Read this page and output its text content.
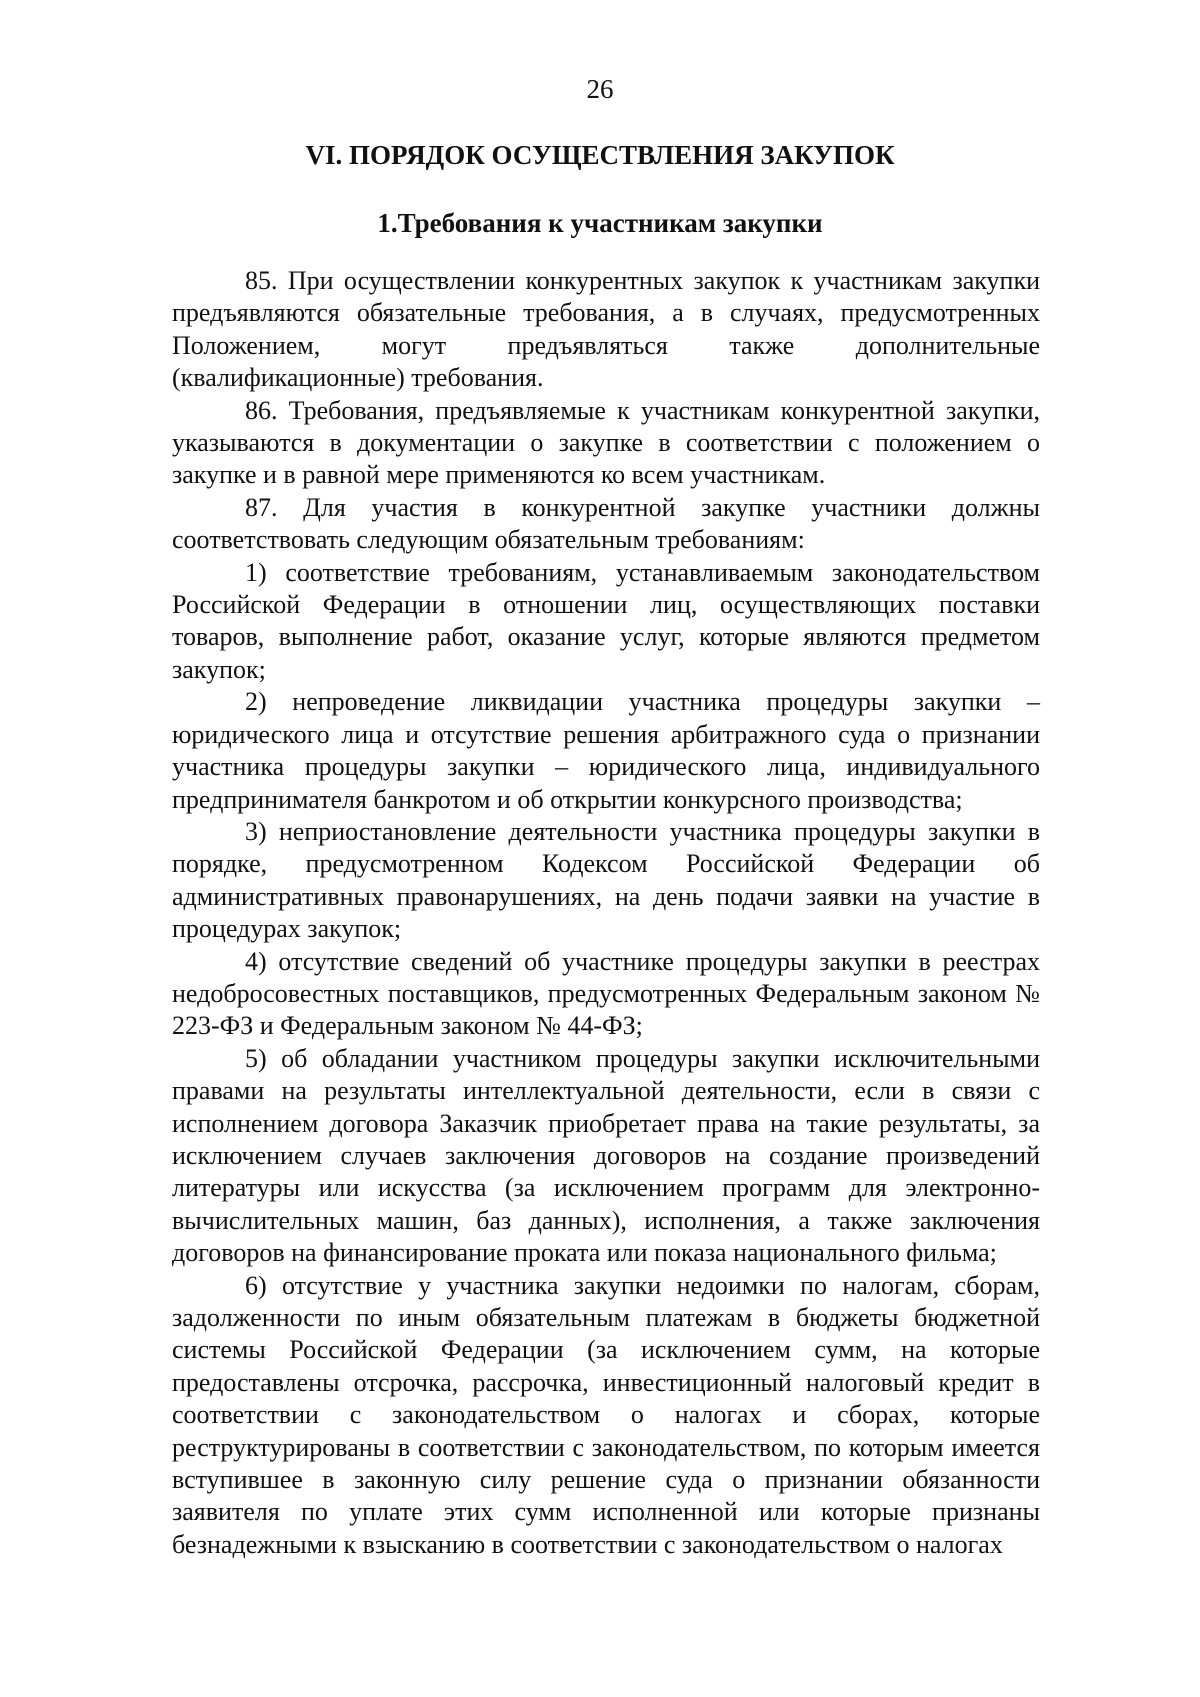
26
VI. ПОРЯДОК ОСУЩЕСТВЛЕНИЯ ЗАКУПОК
1.Требования к участникам закупки

85. При осуществлении конкурентных закупок к участникам закупки предъявляются обязательные требования, а в случаях, предусмотренных Положением, могут предъявляться также дополнительные (квалификационные) требования.

86. Требования, предъявляемые к участникам конкурентной закупки, указываются в документации о закупке в соответствии с положением о закупке и в равной мере применяются ко всем участникам.

87. Для участия в конкурентной закупке участники должны соответствовать следующим обязательным требованиям:

1) соответствие требованиям, устанавливаемым законодательством Российской Федерации в отношении лиц, осуществляющих поставки товаров, выполнение работ, оказание услуг, которые являются предметом закупок;

2) непроведение ликвидации участника процедуры закупки – юридического лица и отсутствие решения арбитражного суда о признании участника процедуры закупки – юридического лица, индивидуального предпринимателя банкротом и об открытии конкурсного производства;

3) неприостановление деятельности участника процедуры закупки в порядке, предусмотренном Кодексом Российской Федерации об административных правонарушениях, на день подачи заявки на участие в процедурах закупок;

4) отсутствие сведений об участнике процедуры закупки в реестрах недобросовестных поставщиков, предусмотренных Федеральным законом № 223-ФЗ и Федеральным законом № 44-ФЗ;

5) об обладании участником процедуры закупки исключительными правами на результаты интеллектуальной деятельности, если в связи с исполнением договора Заказчик приобретает права на такие результаты, за исключением случаев заключения договоров на создание произведений литературы или искусства (за исключением программ для электронно-вычислительных машин, баз данных), исполнения, а также заключения договоров на финансирование проката или показа национального фильма;

6) отсутствие у участника закупки недоимки по налогам, сборам, задолженности по иным обязательным платежам в бюджеты бюджетной системы Российской Федерации (за исключением сумм, на которые предоставлены отсрочка, рассрочка, инвестиционный налоговый кредит в соответствии с законодательством о налогах и сборах, которые реструктурированы в соответствии с законодательством, по которым имеется вступившее в законную силу решение суда о признании обязанности заявителя по уплате этих сумм исполненной или которые признаны безнадежными к взысканию в соответствии с законодательством о налогах
